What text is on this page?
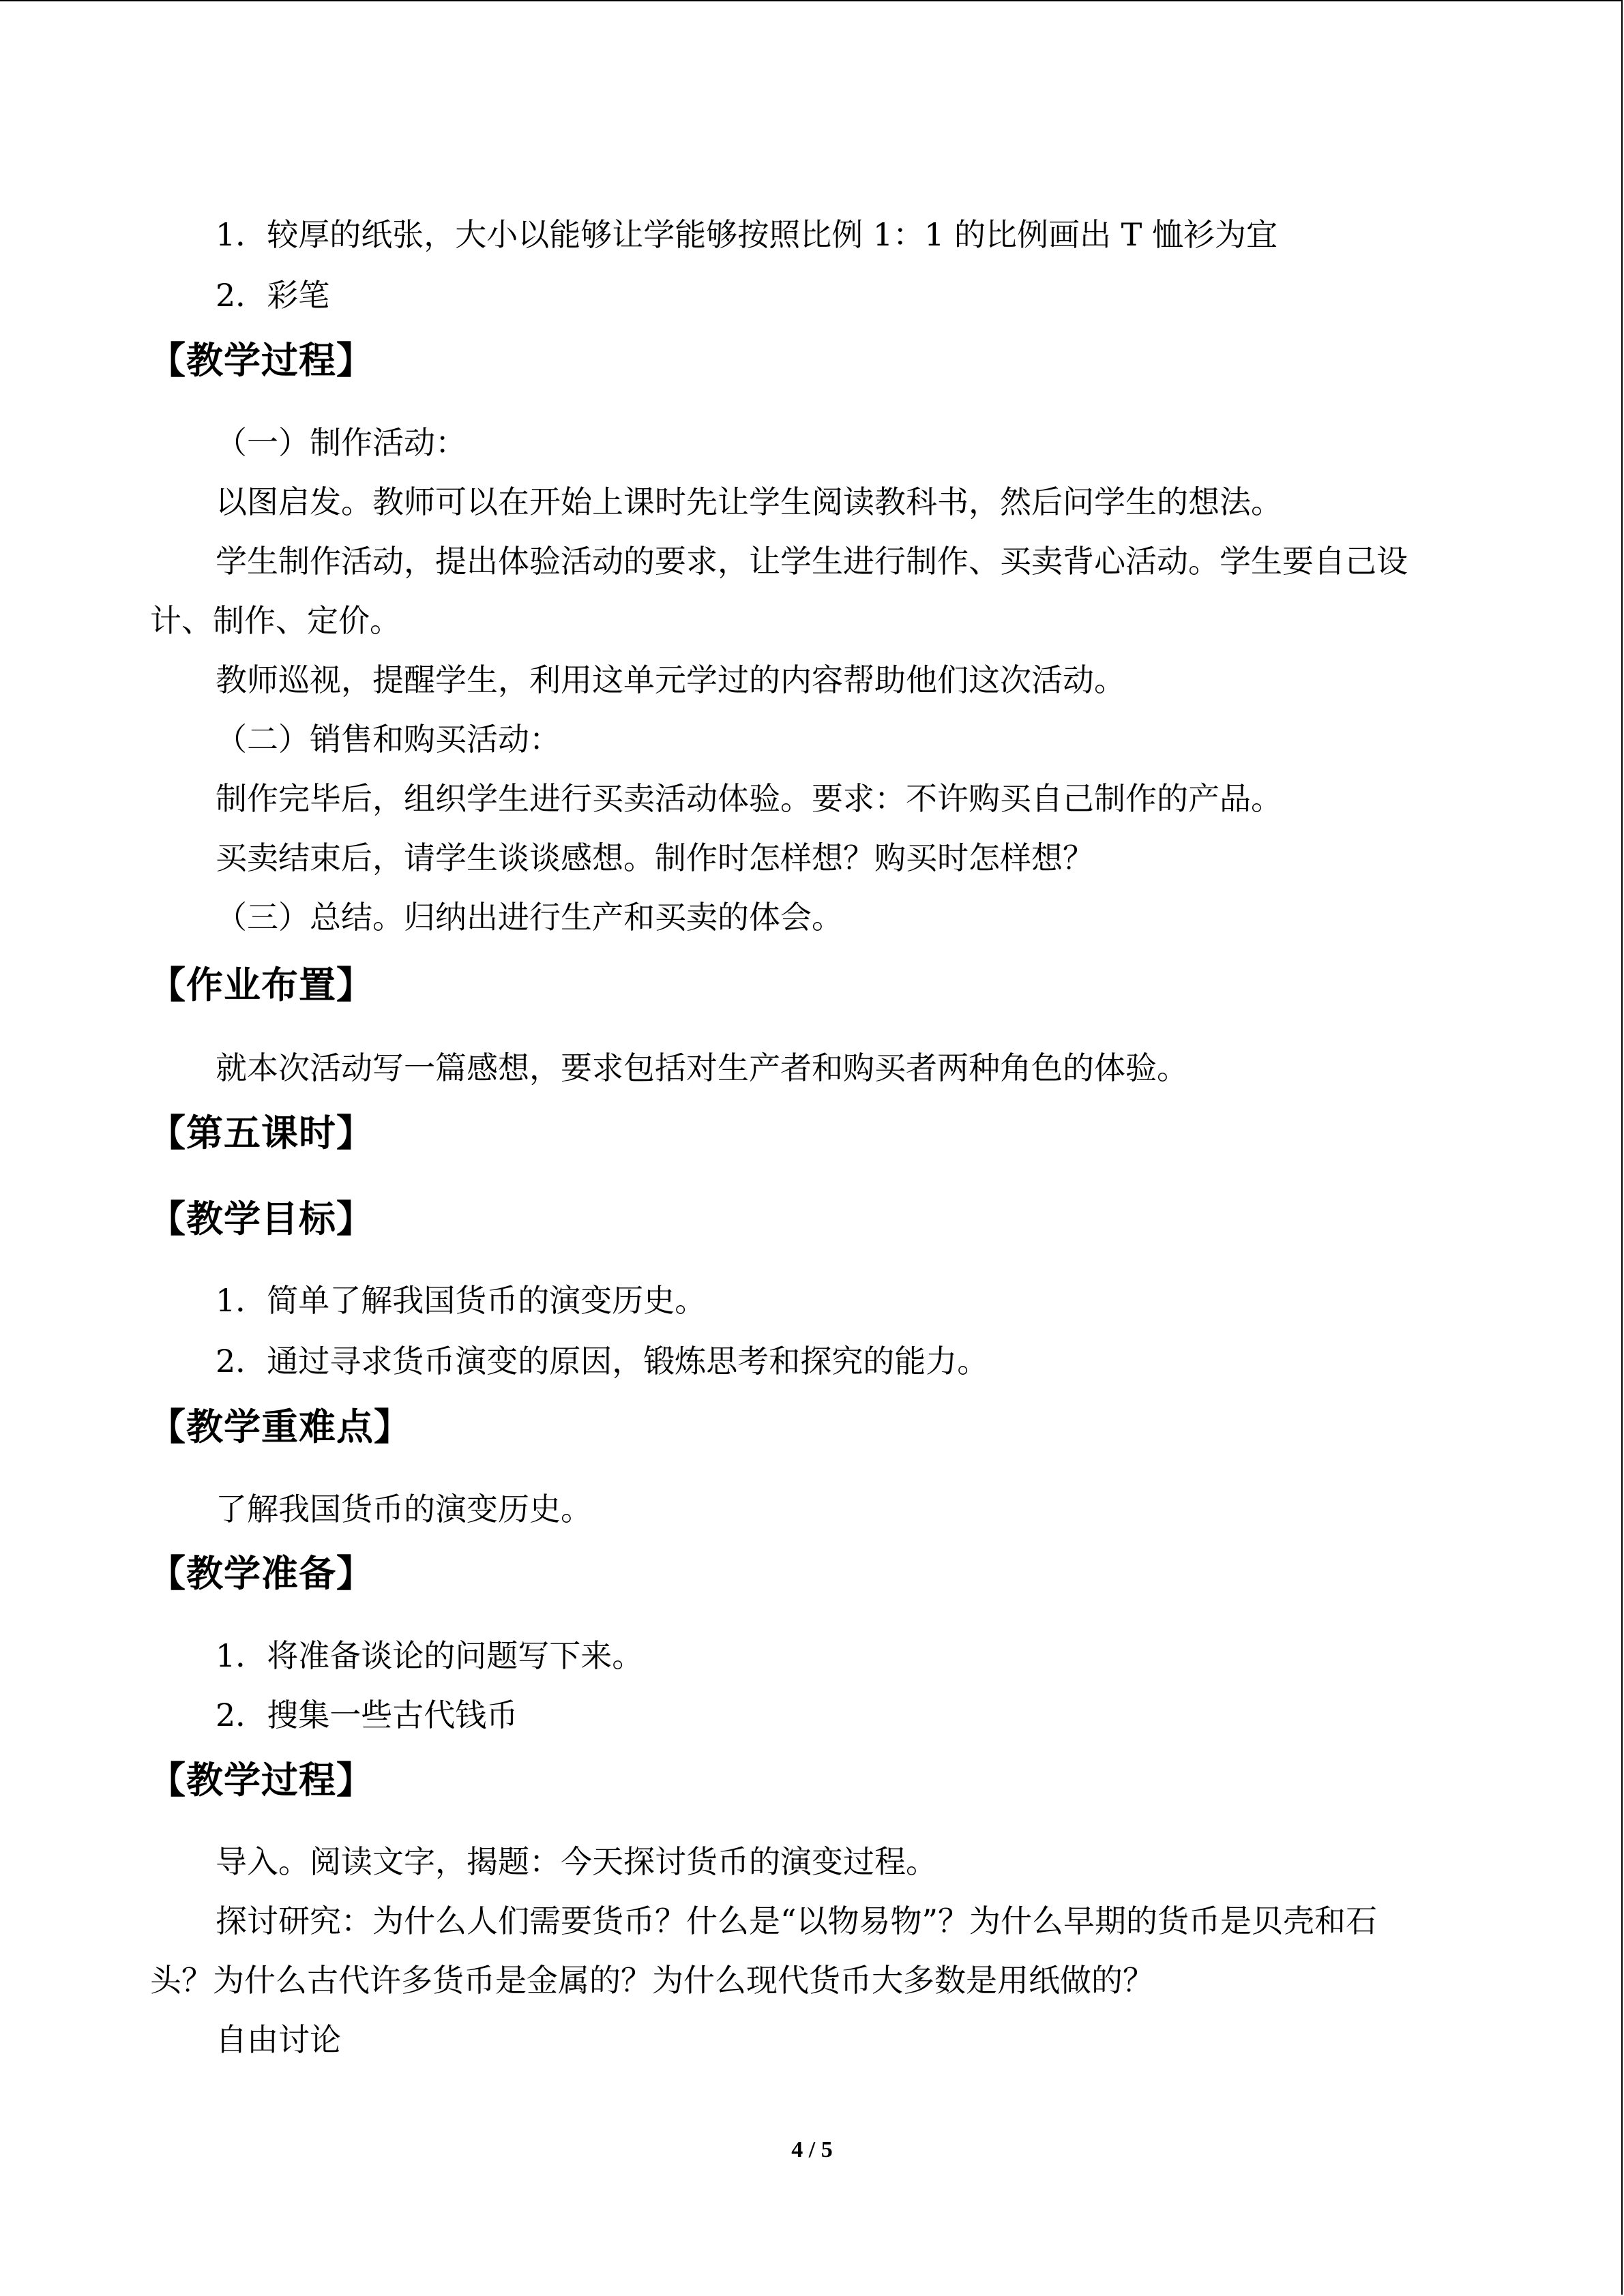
1．较厚的纸张，大小以能够让学能够按照比例 1：1 的比例画出 T 恤衫为宜
2．彩笔
【教学过程】
（一）制作活动：
以图启发。教师可以在开始上课时先让学生阅读教科书，然后问学生的想法。
学生制作活动，提出体验活动的要求，让学生进行制作、买卖背心活动。学生要自己设
计、制作、定价。
教师巡视，提醒学生，利用这单元学过的内容帮助他们这次活动。
（二）销售和购买活动：
制作完毕后，组织学生进行买卖活动体验。要求：不许购买自己制作的产品。
买卖结束后，请学生谈谈感想。制作时怎样想？购买时怎样想？
（三）总结。归纳出进行生产和买卖的体会。
【作业布置】
就本次活动写一篇感想，要求包括对生产者和购买者两种角色的体验。
【第五课时】
【教学目标】
1．简单了解我国货币的演变历史。
2．通过寻求货币演变的原因，锻炼思考和探究的能力。
【教学重难点】
了解我国货币的演变历史。
【教学准备】
1．将准备谈论的问题写下来。
2．搜集一些古代钱币
【教学过程】
导入。阅读文字，揭题：今天探讨货币的演变过程。
探讨研究：为什么人们需要货币？什么是“以物易物”？为什么早期的货币是贝壳和石
头？为什么古代许多货币是金属的？为什么现代货币大多数是用纸做的？
自由讨论
4 / 5
